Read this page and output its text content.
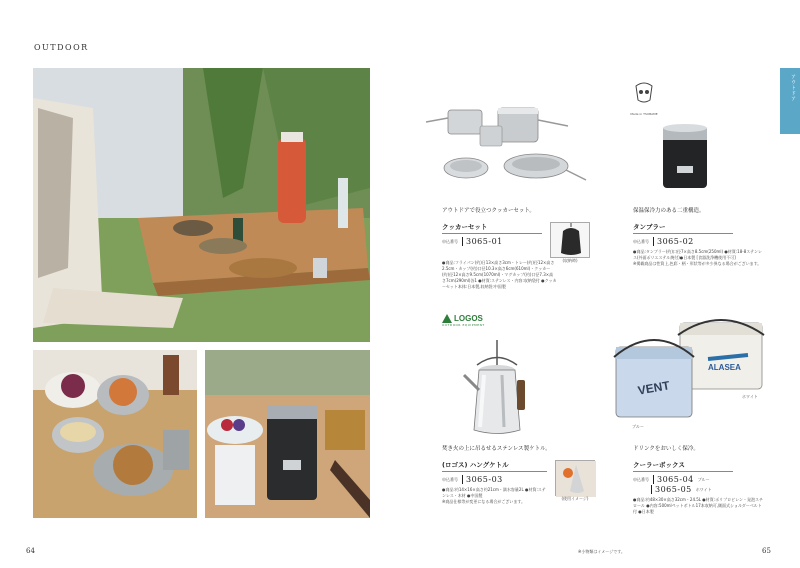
OUTDOOR
アウトドア
アウトドアで役立つクッカーセット。
クッカーセット
申込番号	3065-01
(収納時)
●商品:フライパン(約)日13×高さ3cm・トレー(約)径12×高さ2.5cm・カップ(約)口径10.3×高さ6cm(610ml)・クッカー(約)径12×高さ9.5cm(1070ml)・マグカップ(約)口径7.3×高さ7cm(290ml)各1 ●材質:ステンレス・内容:収納袋付 ●クッカーセット本体:日本製,収納袋:中国製
Made in TSUBAME
保温保冷力のある二重構造。
タンブラー
申込番号	3065-02
●商品:タンブラー(約)口径7×高さ8.5cm(250ml) ●材質:18-8ステンレス(外面ポリエステル焼付)●日本製 [食器洗浄機使用不可]
※掲載商品は性質上,色彩・柄・形状等が多少異なる場合がございます。
LOGOS
OUTDOOR EQUIPMENT
焚き火の上に吊るせるステンレス製ケトル。
(ロゴス) ハングケトル
申込番号	3065-03
●商品:約14×16×高さ約21cm・満水容量2L ●材質:ステンレス・木材 ●中国製
※商品仕様等が変更になる場合がございます。
(使用イメージ)
ALASEA
VENT	ホワイト
ブルー
ドリンクをおいしく保冷。
クーラーボックス
申込番号	3065-04 ブルー
3065-05 ホワイト
●商品:約48×30×高さ32cm・24.5L ●材質:ポリプロピレン・発泡スチロール ●内容:500mlペットボトル17本収納可,側面式ショルダーベルト付 ●日本製
64	※小物類はイメージです。	65
